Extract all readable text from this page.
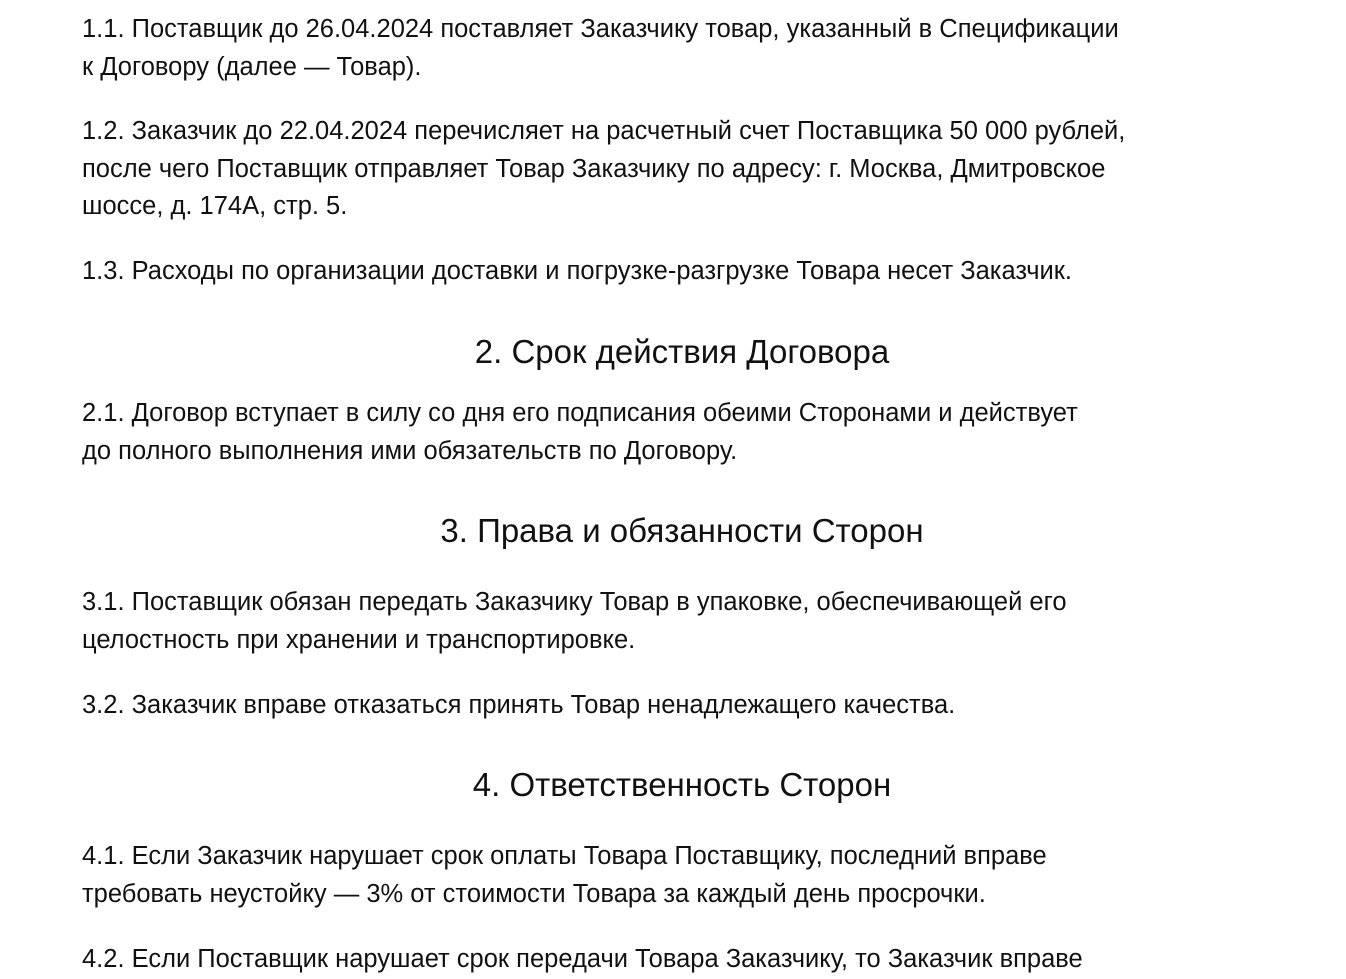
1.1. Поставщик до 26.04.2024 поставляет Заказчику товар, указанный в Спецификации
к Договору (далее — Товар).
1.2. Заказчик до 22.04.2024 перечисляет на расчетный счет Поставщика 50 000 рублей,
после чего Поставщик отправляет Товар Заказчику по адресу: г. Москва, Дмитровское
шоссе, д. 174А, стр. 5.
1.3. Расходы по организации доставки и погрузке-разгрузке Товара несет Заказчик.
2. Срок действия Договора
2.1. Договор вступает в силу со дня его подписания обеими Сторонами и действует
до полного выполнения ими обязательств по Договору.
3. Права и обязанности Сторон
3.1. Поставщик обязан передать Заказчику Товар в упаковке, обеспечивающей его
целостность при хранении и транспортировке.
3.2. Заказчик вправе отказаться принять Товар ненадлежащего качества.
4. Ответственность Сторон
4.1. Если Заказчик нарушает срок оплаты Товара Поставщику, последний вправе
требовать неустойку — 3% от стоимости Товара за каждый день просрочки.
4.2. Если Поставщик нарушает срок передачи Товара Заказчику, то Заказчик вправе
